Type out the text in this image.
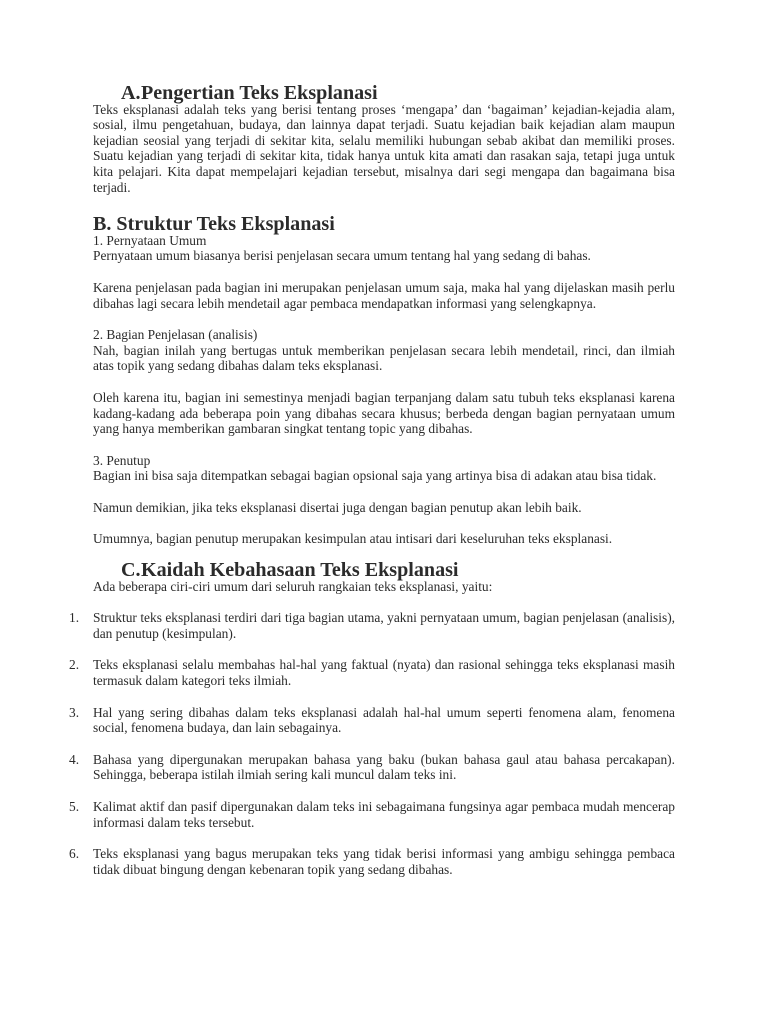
A.Pengertian Teks Eksplanasi

Teks eksplanasi adalah teks yang berisi tentang proses ‘mengapa’ dan ‘bagaiman’ kejadian-kejadia alam, sosial, ilmu pengetahuan, budaya, dan lainnya dapat terjadi. Suatu kejadian baik kejadian alam maupun kejadian seosial yang terjadi di sekitar kita, selalu memiliki hubungan sebab akibat dan memiliki proses. Suatu kejadian yang terjadi di sekitar kita, tidak hanya untuk kita amati dan rasakan saja, tetapi juga untuk kita pelajari. Kita dapat mempelajari kejadian tersebut, misalnya dari segi mengapa dan bagaimana bisa terjadi.

B. Struktur Teks Eksplanasi

1. Pernyataan Umum

Pernyataan umum biasanya berisi penjelasan secara umum tentang hal yang sedang di bahas.

Karena penjelasan pada bagian ini merupakan penjelasan umum saja, maka hal yang dijelaskan masih perlu dibahas lagi secara lebih mendetail agar pembaca mendapatkan informasi yang selengkapnya.

2. Bagian Penjelasan (analisis)

Nah, bagian inilah yang bertugas untuk memberikan penjelasan secara lebih mendetail, rinci, dan ilmiah atas topik yang sedang dibahas dalam teks eksplanasi.

Oleh karena itu, bagian ini semestinya menjadi bagian terpanjang dalam satu tubuh teks eksplanasi karena kadang-kadang ada beberapa poin yang dibahas secara khusus; berbeda dengan bagian pernyataan umum yang hanya memberikan gambaran singkat tentang topic yang dibahas.

3. Penutup

Bagian ini bisa saja ditempatkan sebagai bagian opsional saja yang artinya bisa di adakan atau bisa tidak.

Namun demikian, jika teks eksplanasi disertai juga dengan bagian penutup akan lebih baik.

Umumnya, bagian penutup merupakan kesimpulan atau intisari dari keseluruhan teks eksplanasi.

C.Kaidah Kebahasaan Teks Eksplanasi

Ada beberapa ciri-ciri umum dari seluruh rangkaian teks eksplanasi, yaitu:

1. Struktur teks eksplanasi terdiri dari tiga bagian utama, yakni pernyataan umum, bagian penjelasan (analisis), dan penutup (kesimpulan).
2. Teks eksplanasi selalu membahas hal-hal yang faktual (nyata) dan rasional sehingga teks eksplanasi masih termasuk dalam kategori teks ilmiah.
3. Hal yang sering dibahas dalam teks eksplanasi adalah hal-hal umum seperti fenomena alam, fenomena social, fenomena budaya, dan lain sebagainya.
4. Bahasa yang dipergunakan merupakan bahasa yang baku (bukan bahasa gaul atau bahasa percakapan). Sehingga, beberapa istilah ilmiah sering kali muncul dalam teks ini.
5. Kalimat aktif dan pasif dipergunakan dalam teks ini sebagaimana fungsinya agar pembaca mudah mencerap informasi dalam teks tersebut.
6. Teks eksplanasi yang bagus merupakan teks yang tidak berisi informasi yang ambigu sehingga pembaca tidak dibuat bingung dengan kebenaran topik yang sedang dibahas.
